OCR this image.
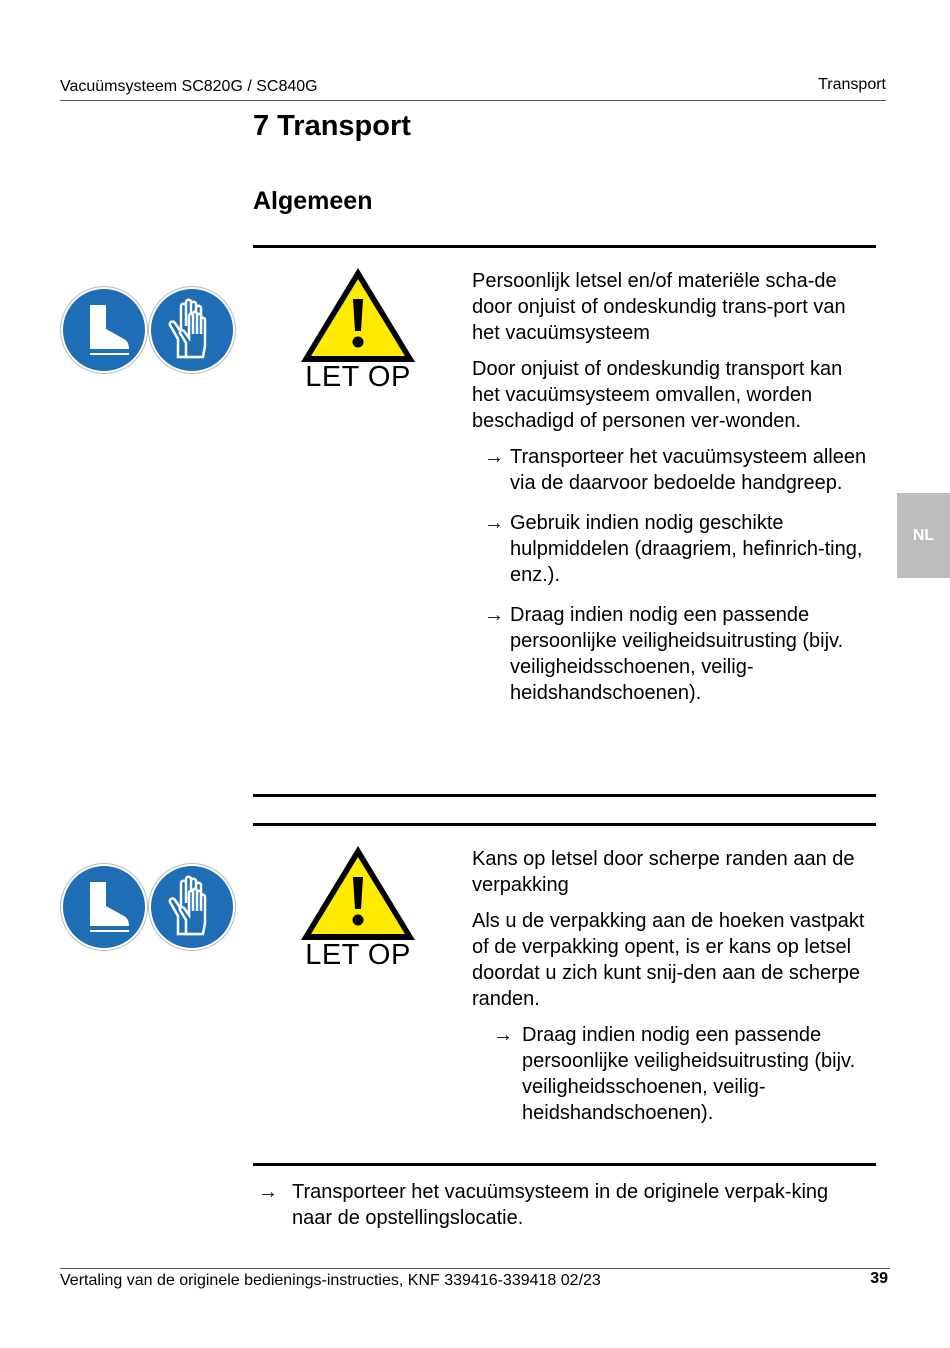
Vacuümsysteem SC820G / SC840G	Transport
7 Transport
Algemeen
NL
LET OP

Persoonlijk letsel en/of materiële scha-de door onjuist of ondeskundig trans-port van het vacuümsysteem

Door onjuist of ondeskundig transport kan het vacuümsysteem omvallen, worden beschadigd of personen ver-wonden.

→ Transporteer het vacuümsysteem alleen via de daarvoor bedoelde handgreep.
→ Gebruik indien nodig geschikte hulpmiddelen (draagriem, hefinrich-ting, enz.).
→ Draag indien nodig een passende persoonlijke veiligheidsuitrusting (bijv. veiligheidsschoenen, veilig-heidshandschoenen).
LET OP

Kans op letsel door scherpe randen aan de verpakking

Als u de verpakking aan de hoeken vastpakt of de verpakking opent, is er kans op letsel doordat u zich kunt snij-den aan de scherpe randen.

→ Draag indien nodig een passende persoonlijke veiligheidsuitrusting (bijv. veiligheidsschoenen, veilig-heidshandschoenen).
→ Transporteer het vacuümsysteem in de originele verpak-king naar de opstellingslocatie.
Vertaling van de originele bedienings-instructies, KNF 339416-339418 02/23	39
